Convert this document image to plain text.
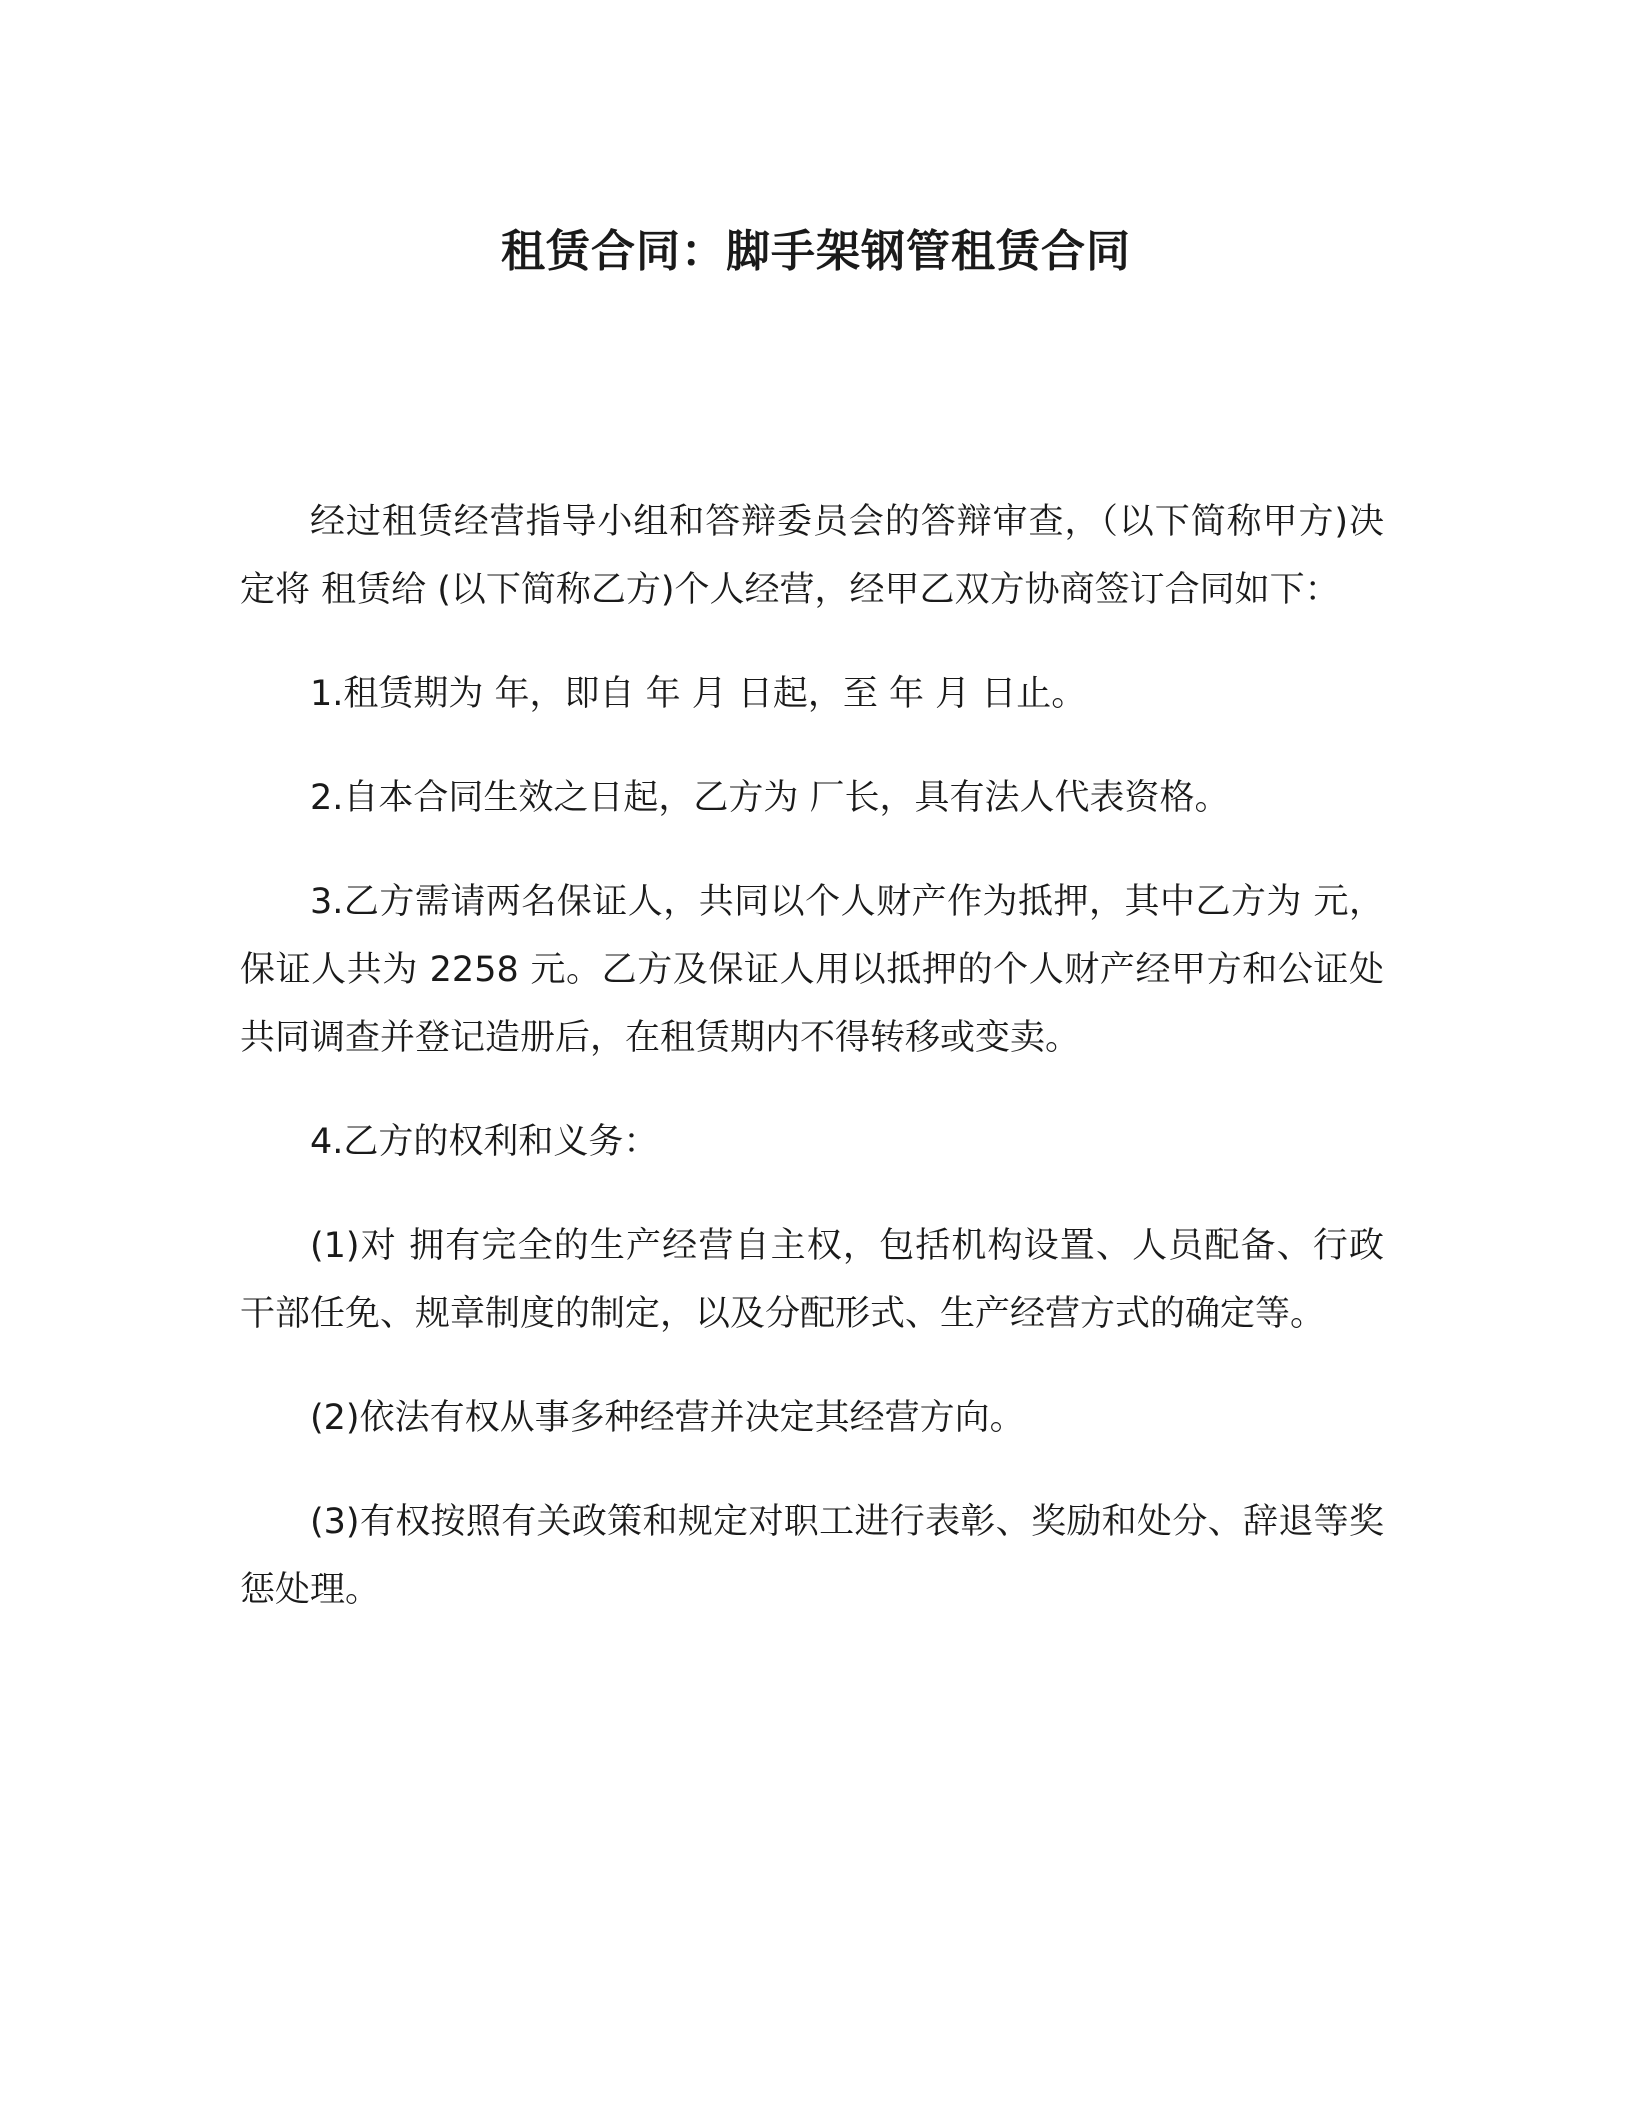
租赁合同：脚手架钢管租赁合同

经过租赁经营指导小组和答辩委员会的答辩审查，（以下简称甲方)决定将 租赁给 (以下简称乙方)个人经营，经甲乙双方协商签订合同如下：

1.租赁期为 年，即自 年 月 日起，至 年 月 日止。

2.自本合同生效之日起，乙方为 厂长，具有法人代表资格。

3.乙方需请两名保证人，共同以个人财产作为抵押，其中乙方为 元，保证人共为 2258 元。乙方及保证人用以抵押的个人财产经甲方和公证处共同调查并登记造册后，在租赁期内不得转移或变卖。

4.乙方的权利和义务：

(1)对 拥有完全的生产经营自主权，包括机构设置、人员配备、行政干部任免、规章制度的制定，以及分配形式、生产经营方式的确定等。

(2)依法有权从事多种经营并决定其经营方向。

(3)有权按照有关政策和规定对职工进行表彰、奖励和处分、辞退等奖惩处理。
